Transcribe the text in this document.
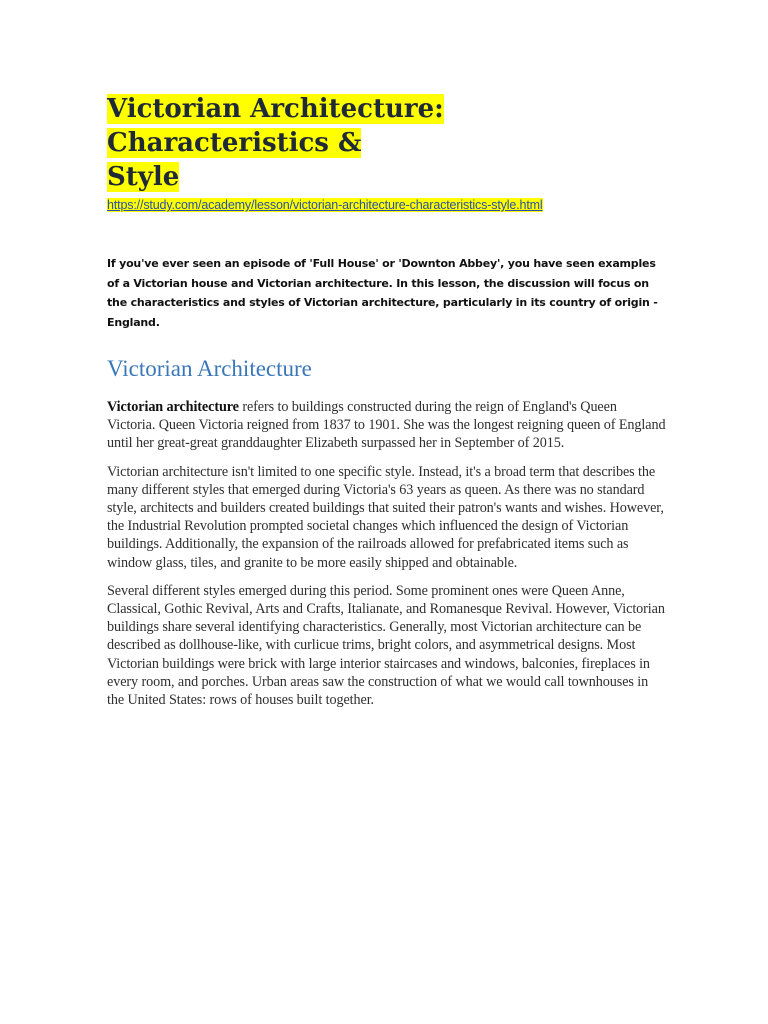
Victorian Architecture: Characteristics &
Style
https://study.com/academy/lesson/victorian-architecture-characteristics-style.html

If you've ever seen an episode of 'Full House' or 'Downton Abbey', you have seen examples of a Victorian house and Victorian architecture. In this lesson, the discussion will focus on the characteristics and styles of Victorian architecture, particularly in its country of origin - England.

Victorian Architecture

Victorian architecture refers to buildings constructed during the reign of England's Queen Victoria. Queen Victoria reigned from 1837 to 1901. She was the longest reigning queen of England until her great-great granddaughter Elizabeth surpassed her in September of 2015.

Victorian architecture isn't limited to one specific style. Instead, it's a broad term that describes the many different styles that emerged during Victoria's 63 years as queen. As there was no standard style, architects and builders created buildings that suited their patron's wants and wishes. However, the Industrial Revolution prompted societal changes which influenced the design of Victorian buildings. Additionally, the expansion of the railroads allowed for prefabricated items such as window glass, tiles, and granite to be more easily shipped and obtainable.

Several different styles emerged during this period. Some prominent ones were Queen Anne, Classical, Gothic Revival, Arts and Crafts, Italianate, and Romanesque Revival. However, Victorian buildings share several identifying characteristics. Generally, most Victorian architecture can be described as dollhouse-like, with curlicue trims, bright colors, and asymmetrical designs. Most Victorian buildings were brick with large interior staircases and windows, balconies, fireplaces in every room, and porches. Urban areas saw the construction of what we would call townhouses in the United States: rows of houses built together.
